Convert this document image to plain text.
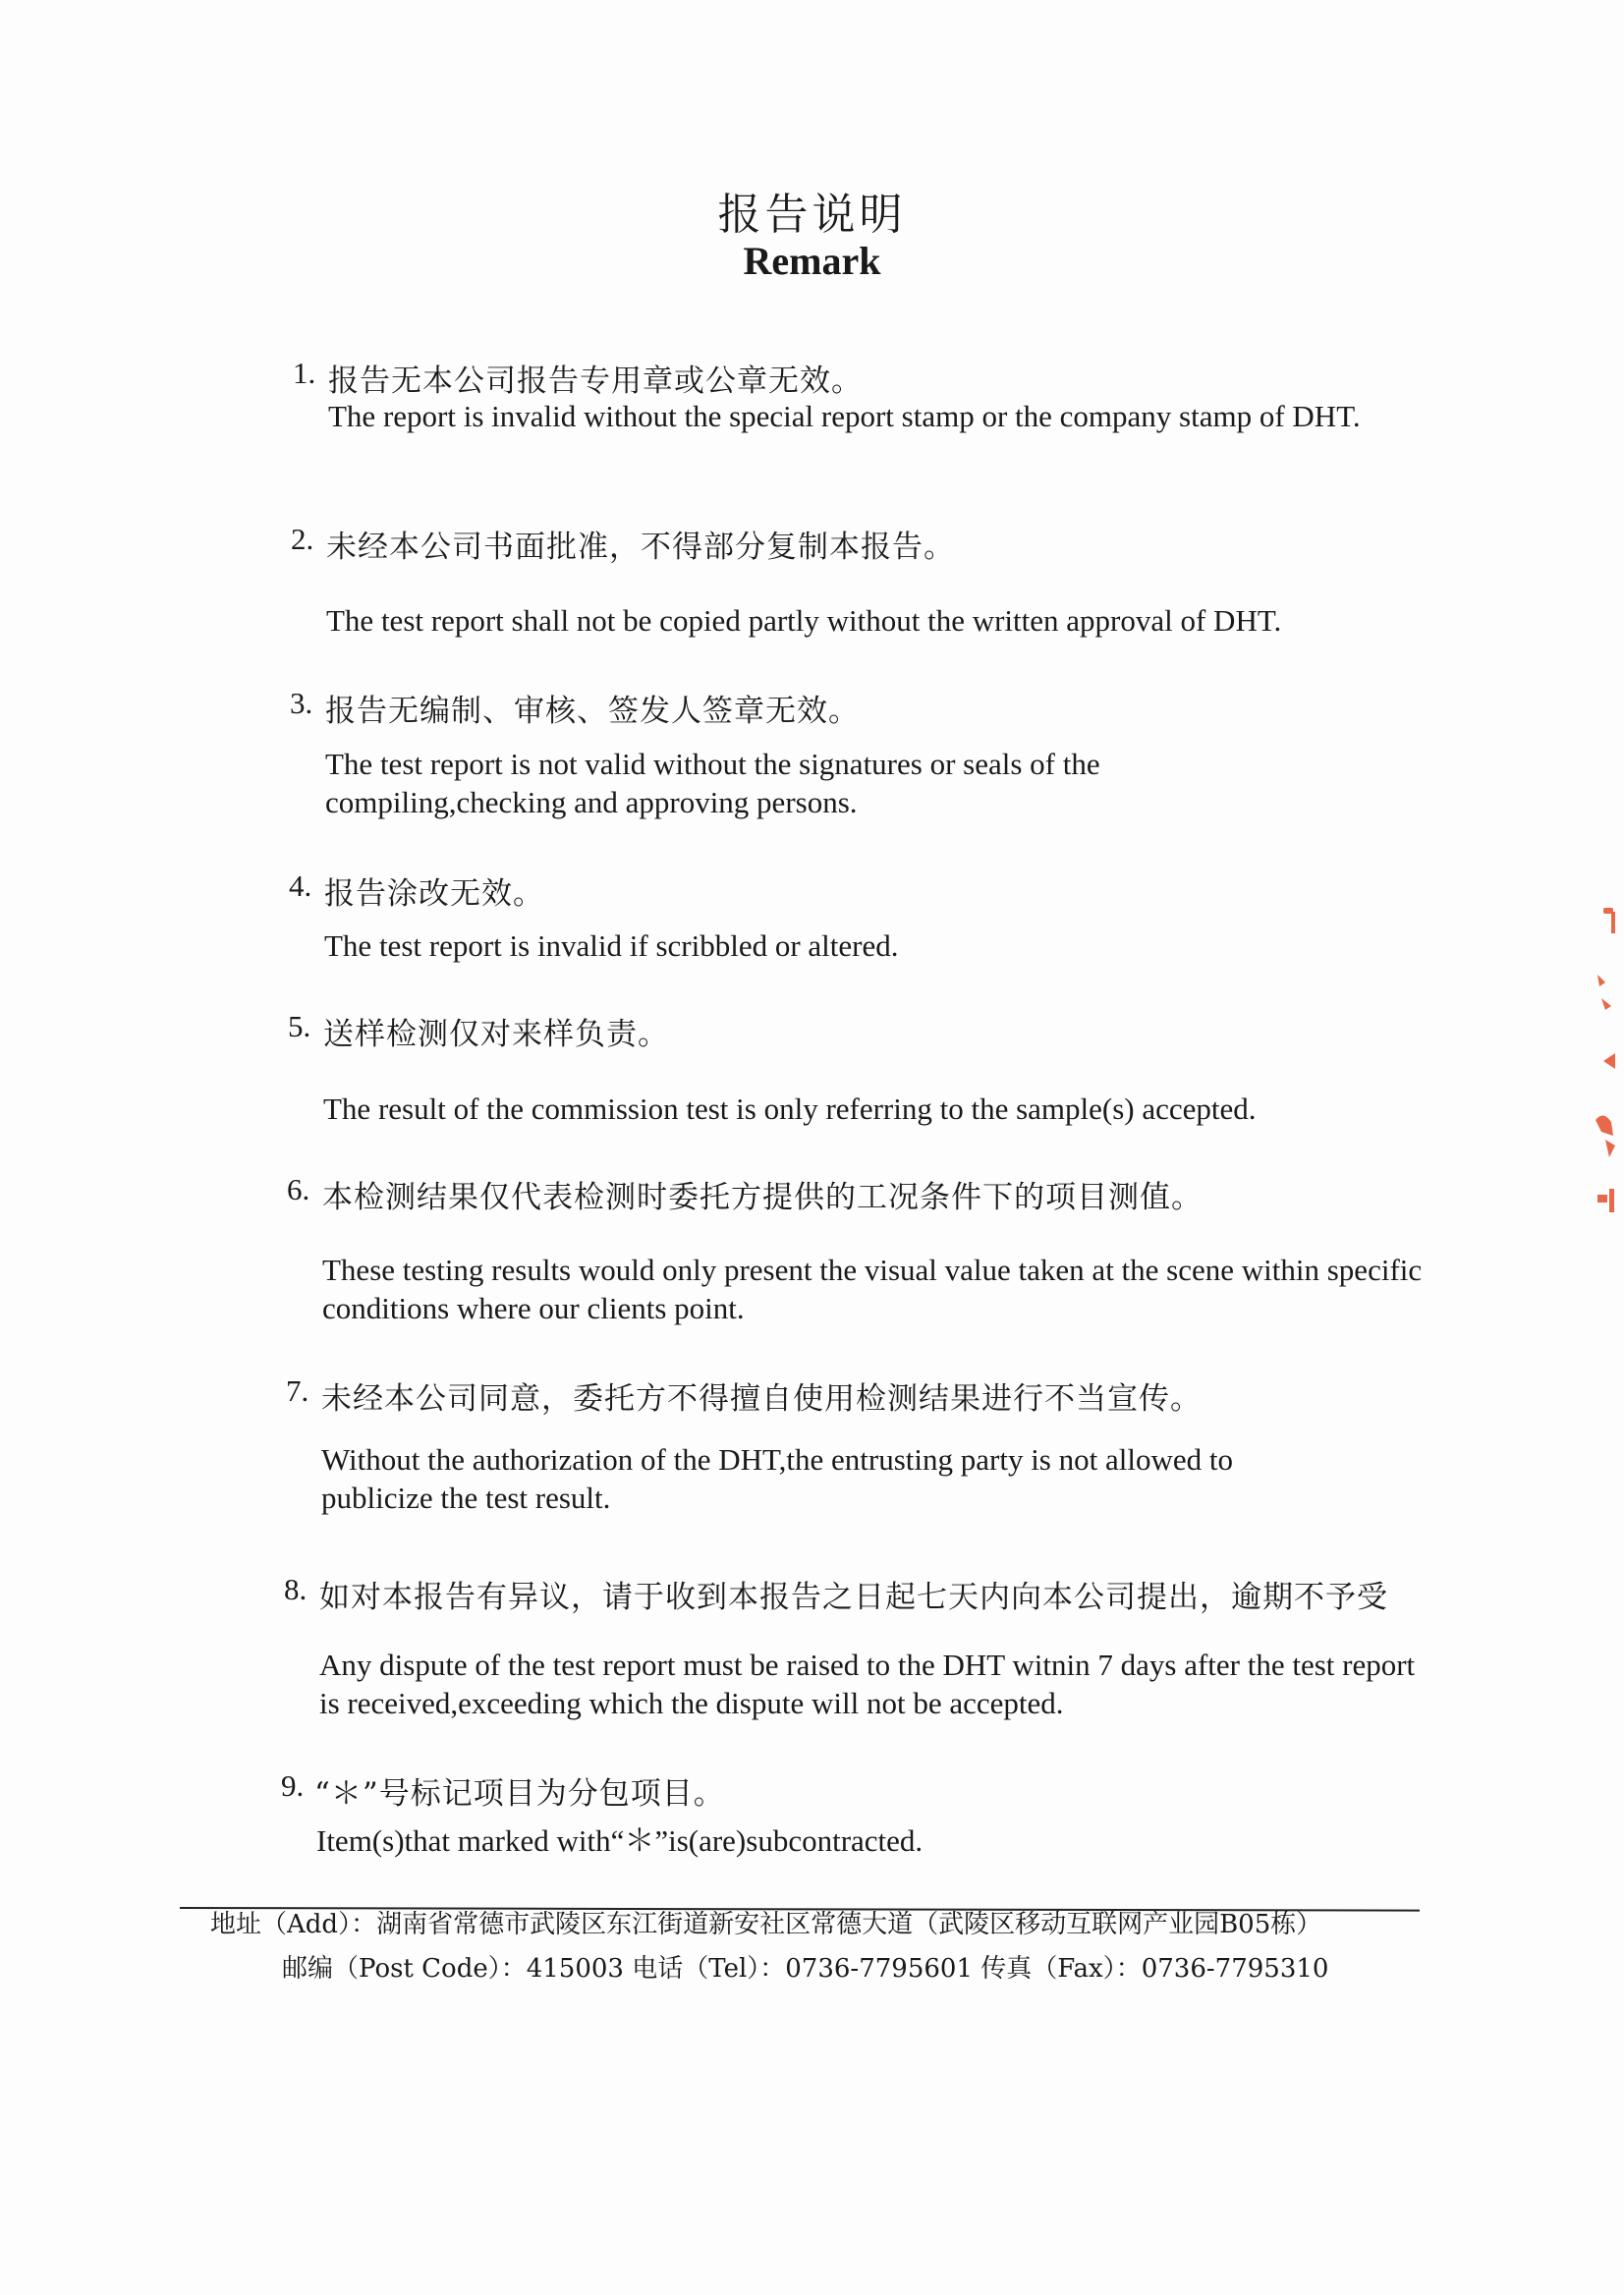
报告说明
Remark
1. 报告无本公司报告专用章或公章无效。
The report is invalid without the special report stamp or the company stamp of DHT.
2. 未经本公司书面批准，不得部分复制本报告。
The test report shall not be copied partly without the written approval of DHT.
3. 报告无编制、审核、签发人签章无效。
The test report is not valid without the signatures or seals of the compiling,checking and approving persons.
4. 报告涂改无效。
The test report is invalid if scribbled or altered.
5. 送样检测仅对来样负责。
The result of the commission test is only referring to the sample(s) accepted.
6. 本检测结果仅代表检测时委托方提供的工况条件下的项目测值。
These testing results would only present the visual value taken at the scene within specific conditions where our clients point.
7. 未经本公司同意，委托方不得擅自使用检测结果进行不当宣传。
Without the authorization of the DHT,the entrusting party is not allowed to publicize the test result.
8. 如对本报告有异议，请于收到本报告之日起七天内向本公司提出，逾期不予受
Any dispute of the test report must be raised to the DHT witnin 7 days after the test report is received,exceeding which the dispute will not be accepted.
9. “＊”号标记项目为分包项目。
Item(s)that marked with“＊”is(are)subcontracted.
地址（Add）：湖南省常德市武陵区东江街道新安社区常德大道（武陵区移动互联网产业园B05栋）
邮编（Post Code）：415003 电话（Tel）：0736-7795601 传真（Fax）：0736-7795310
